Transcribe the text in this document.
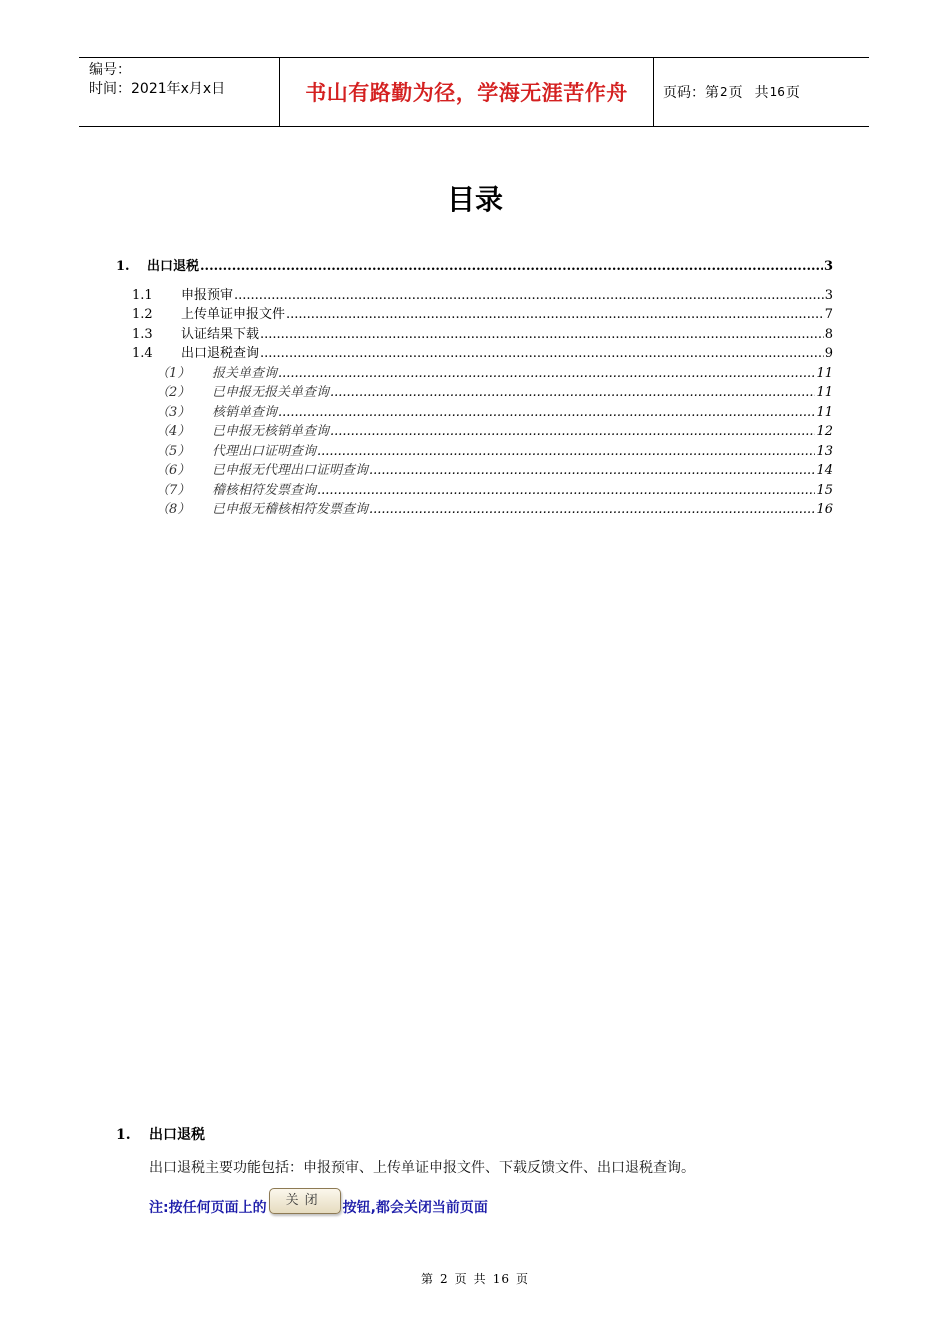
编号：
时间：2021年x月x日	书山有路勤为径，学海无涯苦作舟	页码：第 2 页 共 16 页
目录
1.	出口退税 .....	3
1.1	申报预审 .....	3
1.2	上传单证申报文件 .....	7
1.3	认证结果下载 .....	8
1.4	出口退税查询 .....	9
（1）	报关单查询 .....	11
（2）	已申报无报关单查询 .....	11
（3）	核销单查询 .....	11
（4）	已申报无核销单查询 .....	12
（5）	代理出口证明查询 .....	13
（6）	已申报无代理出口证明查询 .....	14
（7）	稽核相符发票查询 .....	15
（8）	已申报无稽核相符发票查询 .....	16
1. 出口退税
出口退税主要功能包括：申报预审、上传单证申报文件、下载反馈文件、出口退税查询。
注:按任何页面上的	关闭	按钮,都会关闭当前页面
第 2 页 共 16 页
